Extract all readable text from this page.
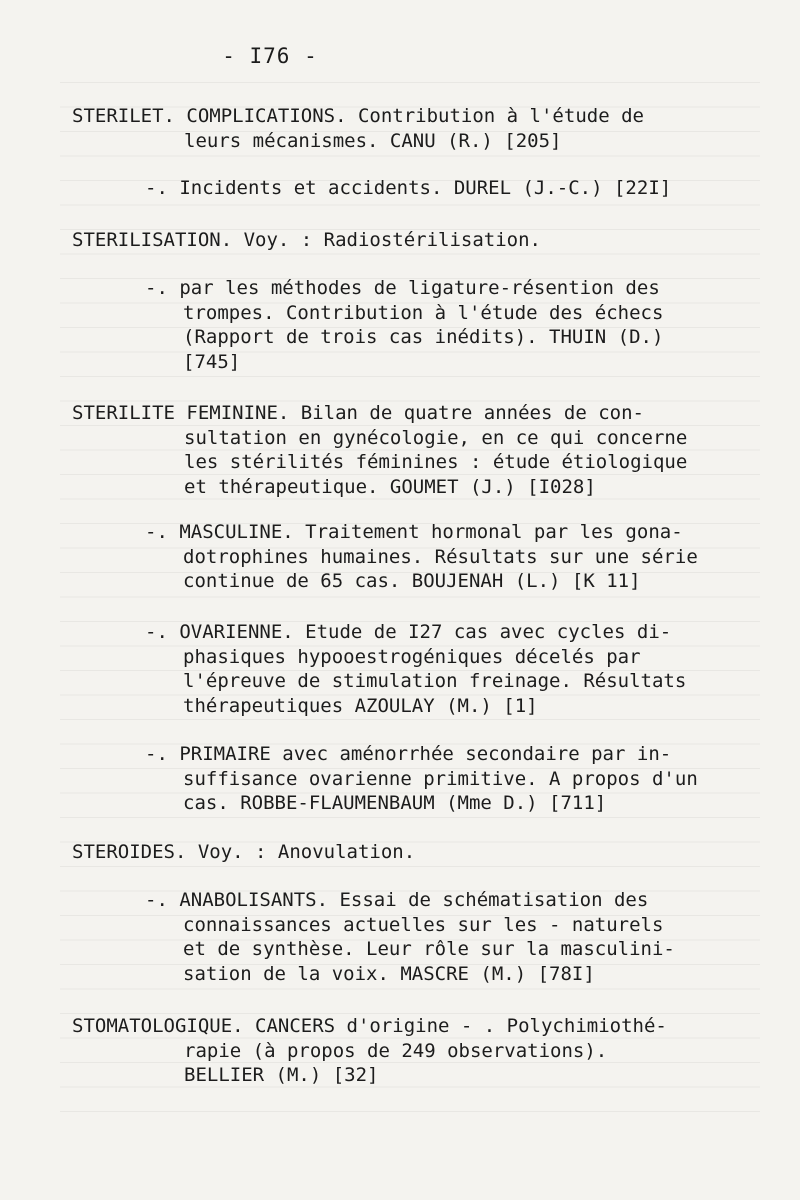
- I76 -
STERILET. COMPLICATIONS. Contribution à l'étude de
leurs mécanismes. CANU (R.) [205]
-. Incidents et accidents. DUREL (J.-C.) [22I]
STERILISATION. Voy. : Radiostérilisation.
-. par les méthodes de ligature-résention des
trompes. Contribution à l'étude des échecs
(Rapport de trois cas inédits). THUIN (D.)
[745]
STERILITE FEMININE. Bilan de quatre années de con-
sultation en gynécologie, en ce qui concerne
les stérilités féminines : étude étiologique
et thérapeutique. GOUMET (J.) [I028]
-. MASCULINE. Traitement hormonal par les gona-
dotrophines humaines. Résultats sur une série
continue de 65 cas. BOUJENAH (L.) [K 11]
-. OVARIENNE. Etude de I27 cas avec cycles di-
phasiques hypooestrogéniques décelés par
l'épreuve de stimulation freinage. Résultats
thérapeutiques AZOULAY (M.) [1]
-. PRIMAIRE avec aménorrhée secondaire par in-
suffisance ovarienne primitive. A propos d'un
cas. ROBBE-FLAUMENBAUM (Mme D.) [711]
STEROIDES. Voy. : Anovulation.
-. ANABOLISANTS. Essai de schématisation des
connaissances actuelles sur les - naturels
et de synthèse. Leur rôle sur la masculini-
sation de la voix. MASCRE (M.) [78I]
STOMATOLOGIQUE. CANCERS d'origine - . Polychimiothé-
rapie (à propos de 249 observations).
BELLIER (M.) [32]
